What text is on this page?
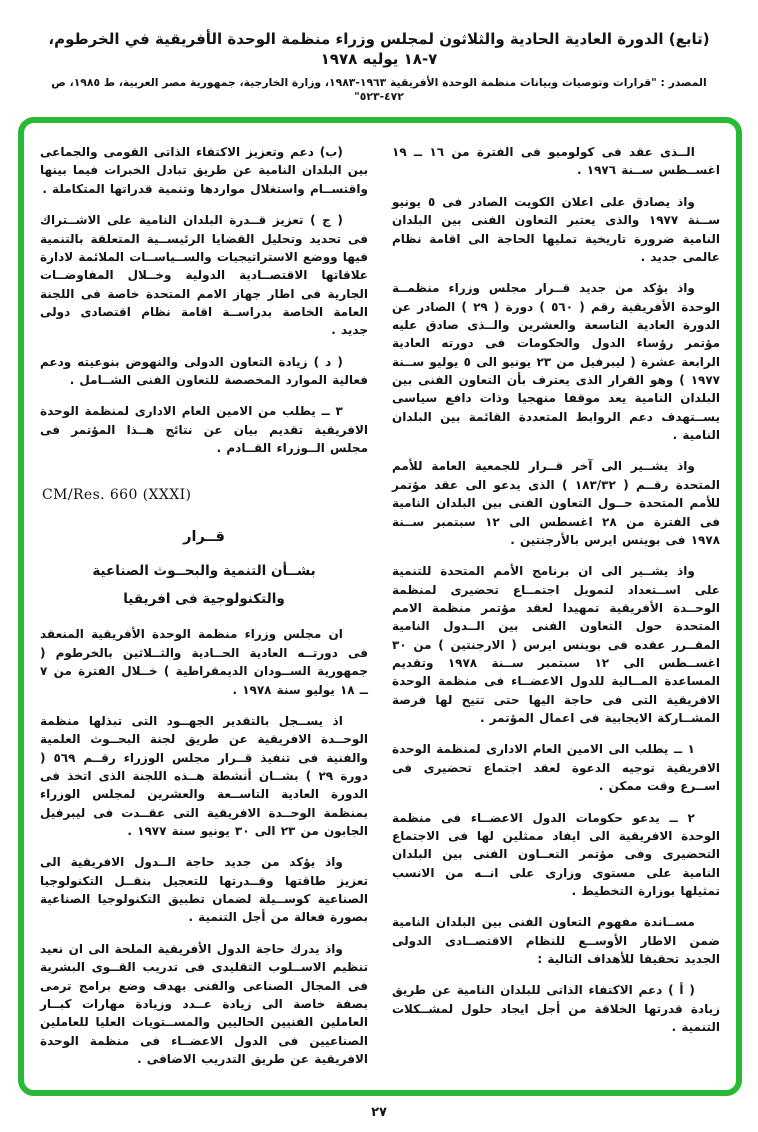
(تابع) الدورة العادية الحادية والثلاثون لمجلس وزراء منظمة الوحدة الأفريقية في الخرطوم، ٧-١٨ يوليه ١٩٧٨
المصدر : "قرارات وتوصيات وبيانات منظمة الوحدة الأفريقية ١٩٦٣-١٩٨٣، وزارة الخارجية، جمهورية مصر العربية، ط ١٩٨٥، ص ٤٧٢-٥٢٣"

الــذى عقد فى كولومبو فى الفترة من ١٦ ــ ١٩ اغســطس ســنة ١٩٧٦ .

واذ يصادق على اعلان الكويت الصادر فى ٥ يونيو ســنة ١٩٧٧ والذى يعتبر التعاون الفنى بين البلدان النامية ضرورة تاريخية تمليها الحاجة الى اقامة نظام عالمى جديد .

واذ يؤكد من جديد قــرار مجلس وزراء منظمــة الوحدة الأفريقية رقم ( ٥٦٠ ) دورة ( ٢٩ ) الصادر عن الدورة العادية التاسعة والعشرين والــذى صادق عليه مؤتمر رؤساء الدول والحكومات فى دورته العادية الرابعة عشرة ( ليبرفيل من ٢٣ يونيو الى ٥ يوليو ســنة ١٩٧٧ ) وهو القرار الذى يعترف بأن التعاون الفنى بين البلدان النامية يعد موقفا منهجيا وذات دافع سياسى يســتهدف دعم الروابط المتعددة القائمة بين البلدان النامية .

واذ يشــير الى آخر قــرار للجمعية العامة للأمم المتحدة رقــم ( ١٨٣/٣٢ ) الذى يدعو الى عقد مؤتمر للأمم المتحدة حــول التعاون الفنى بين البلدان النامية فى الفترة من ٢٨ اغسطس الى ١٢ سبتمبر ســنة ١٩٧٨ فى بوينس ايرس بالأرجنتين .

واذ يشــير الى ان برنامج الأمم المتحدة للتنمية على اســتعداد لتمويل اجتمــاع تحضيرى لمنظمة الوحــدة الأفريقية تمهيدا لعقد مؤتمر منظمة الامم المتحدة حول التعاون الفنى بين الــدول النامية المقــرر عقده فى بوينس ايرس ( الارجنتين ) من ٣٠ اغســطس الى ١٢ سبتمبر ســنة ١٩٧٨ وتقديم المساعدة المــالية للدول الاعضــاء فى منظمة الوحدة الافريقية التى فى حاجة اليها حتى تتيح لها فرصة المشــاركة الايجابية فى اعمال المؤتمر .

١ ــ يطلب الى الامين العام الادارى لمنظمة الوحدة الافريقية توجيه الدعوة لعقد اجتماع تحضيرى فى اســرع وقت ممكن .

٢ ــ يدعو حكومات الدول الاعضــاء فى منظمة الوحدة الافريقية الى ايفاد ممثلين لها فى الاجتماع التحضيرى وفى مؤتمر التعــاون الفنى بين البلدان النامية على مستوى وزارى على انــه من الانسب تمثيلها بوزارة التخطيط .

مســاندة مفهوم التعاون الفنى بين البلدان النامية ضمن الاطار الأوســع للنظام الاقتصــادى الدولى الجديد تحقيقا للأهداف التالية :

( أ ) دعم الاكتفاء الذاتى للبلدان النامية عن طريق زيادة قدرتها الخلاقة من أجل ايجاد حلول لمشــكلات التنمية .

(ب) دعم وتعزيز الاكتفاء الذاتى القومى والجماعى بين البلدان النامية عن طريق تبادل الخبرات فيما بينها واقتســام واستغلال مواردها وتنمية قدراتها المتكاملة .

( ج ) تعزيز قــدرة البلدان النامية على الاشــتراك فى تحديد وتحليل القضايا الرئيســية المتعلقة بالتنمية فيها ووضع الاستراتيجيات والســياســات الملائمة لادارة علاقاتها الاقتصــادية الدولية وخــلال المفاوضــات الجارية فى اطار جهاز الامم المتحدة خاصة فى اللجنة العامة الخاصة بدراســة اقامة نظام اقتصادى دولى جديد .

( د ) زيادة التعاون الدولى والنهوض بنوعيته ودعم فعالية الموارد المخصصة للتعاون الفنى الشــامل .

٣ ــ يطلب من الامين العام الادارى لمنظمة الوحدة الافريقية تقديم بيان عن نتائج هــذا المؤتمر فى مجلس الــوزراء القــادم .

CM/Res. 660 (XXXI)
قــرار
بشــأن التنمية والبحــوث الصناعية
والتكنولوجية فى افريقيا

ان مجلس وزراء منظمة الوحدة الأفريقية المنعقد فى دورتــه العادية الحــادية والثــلاثين بالخرطوم ( جمهورية الســودان الديمقراطية ) خــلال الفترة من ٧ ــ ١٨ يوليو سنة ١٩٧٨ .

اذ يســجل بالتقدير الجهــود التى تبذلها منظمة الوحــدة الافريقية عن طريق لجنة البحــوث العلمية والفنية فى تنفيذ قــرار مجلس الوزراء رقــم ٥٦٩ ( دورة ٢٩ ) بشــان أنشطة هــذه اللجنة الذى اتخذ فى الدورة العادية التاســعة والعشرين لمجلس الوزراء بمنظمة الوحــدة الافريقية التى عقــدت فى ليبرفيل الجابون من ٢٣ الى ٣٠ يونيو سنة ١٩٧٧ .

واذ يؤكد من جديد حاجة الــدول الافريقية الى تعزيز طاقتها وقــدرتها للتعجيل بنقــل التكنولوجيا الصناعية كوســيلة لضمان تطبيق التكنولوجيا الصناعية بصورة فعالة من أجل التنمية .

واذ يدرك حاجة الدول الأفريقية الملحة الى ان نعيد تنظيم الاســلوب التقليدى فى تدريب القــوى البشرية فى المجال الصناعى والفنى بهدف وضع برامج ترمى بصفة خاصة الى زيادة عــدد وزيادة مهارات كبــار العاملين الفنيين الحاليين والمســتويات العليا للعاملين الصناعيين فى الدول الاعضــاء فى منظمة الوحدة الافريقية عن طريق التدريب الاضافى .

٢٧
